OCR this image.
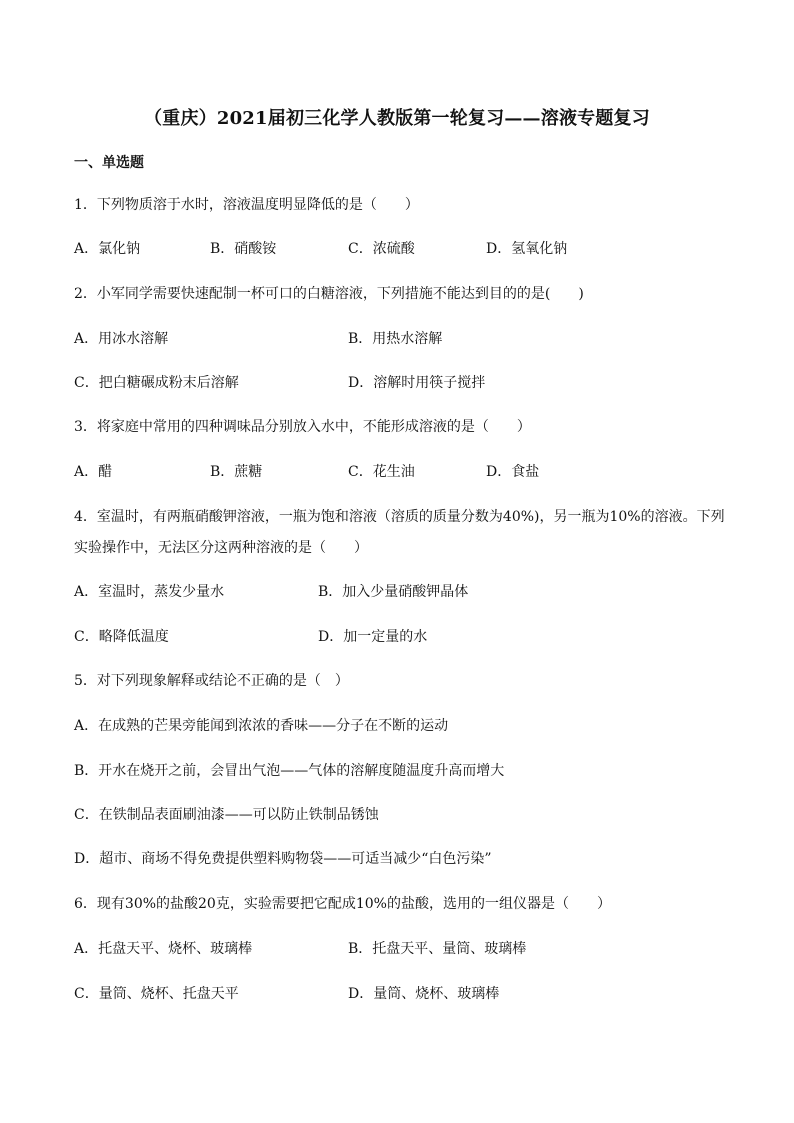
（重庆）2021届初三化学人教版第一轮复习——溶液专题复习
一、单选题
1．下列物质溶于水时，溶液温度明显降低的是（　　）
A．氯化钠	B．硝酸铵	C．浓硫酸	D．氢氧化钠
2．小军同学需要快速配制一杯可口的白糖溶液，下列措施不能达到目的的是(　　)
A．用冰水溶解	B．用热水溶解
C．把白糖碾成粉末后溶解	D．溶解时用筷子搅拌
3．将家庭中常用的四种调味品分别放入水中，不能形成溶液的是（　　）
A．醋	B．蔗糖	C．花生油	D．食盐
4．室温时，有两瓶硝酸钾溶液，一瓶为饱和溶液（溶质的质量分数为40%)，另一瓶为10%的溶液。下列
实验操作中，无法区分这两种溶液的是（　　）
A．室温时，蒸发少量水	B．加入少量硝酸钾晶体
C．略降低温度	D．加一定量的水
5．对下列现象解释或结论不正确的是（　）
A．在成熟的芒果旁能闻到浓浓的香味——分子在不断的运动
B．开水在烧开之前，会冒出气泡——气体的溶解度随温度升高而增大
C．在铁制品表面刷油漆——可以防止铁制品锈蚀
D．超市、商场不得免费提供塑料购物袋——可适当减少“白色污染”
6．现有30%的盐酸20克，实验需要把它配成10%的盐酸，选用的一组仪器是（　　）
A．托盘天平、烧杯、玻璃棒	B．托盘天平、量筒、玻璃棒
C．量筒、烧杯、托盘天平	D．量筒、烧杯、玻璃棒
